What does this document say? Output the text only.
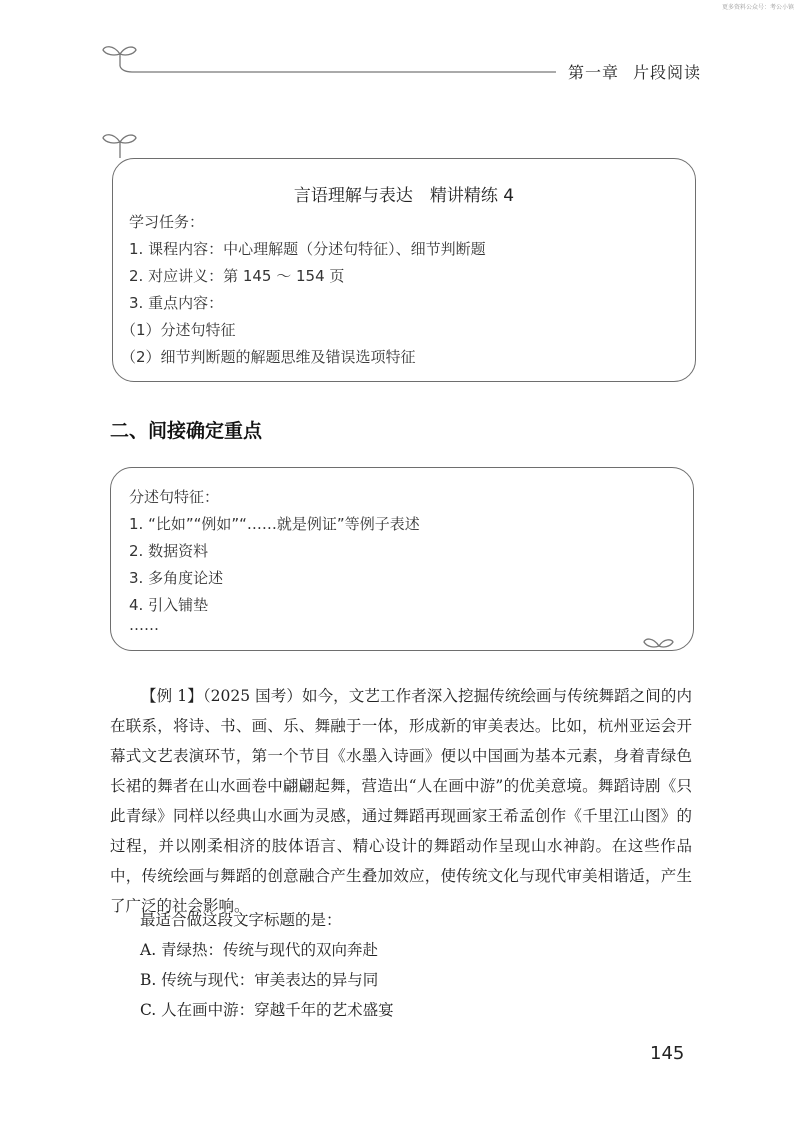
更多资料公众号：考公小镇
第一章 片段阅读
言语理解与表达　精讲精练 4
学习任务：
1. 课程内容：中心理解题（分述句特征）、细节判断题
2. 对应讲义：第 145 ～ 154 页
3. 重点内容：
（1）分述句特征
（2）细节判断题的解题思维及错误选项特征
二、间接确定重点
分述句特征：
1. “比如”“例如”“……就是例证”等例子表述
2. 数据资料
3. 多角度论述
4. 引入铺垫
……

【例 1】（2025 国考）如今，文艺工作者深入挖掘传统绘画与传统舞蹈之间的内在联系，将诗、书、画、乐、舞融于一体，形成新的审美表达。比如，杭州亚运会开幕式文艺表演环节，第一个节目《水墨入诗画》便以中国画为基本元素，身着青绿色长裙的舞者在山水画卷中翩翩起舞，营造出“人在画中游”的优美意境。舞蹈诗剧《只此青绿》同样以经典山水画为灵感，通过舞蹈再现画家王希孟创作《千里江山图》的过程，并以刚柔相济的肢体语言、精心设计的舞蹈动作呈现山水神韵。在这些作品中，传统绘画与舞蹈的创意融合产生叠加效应，使传统文化与现代审美相谐适，产生了广泛的社会影响。

最适合做这段文字标题的是：
A. 青绿热：传统与现代的双向奔赴
B. 传统与现代：审美表达的异与同
C. 人在画中游：穿越千年的艺术盛宴
145
